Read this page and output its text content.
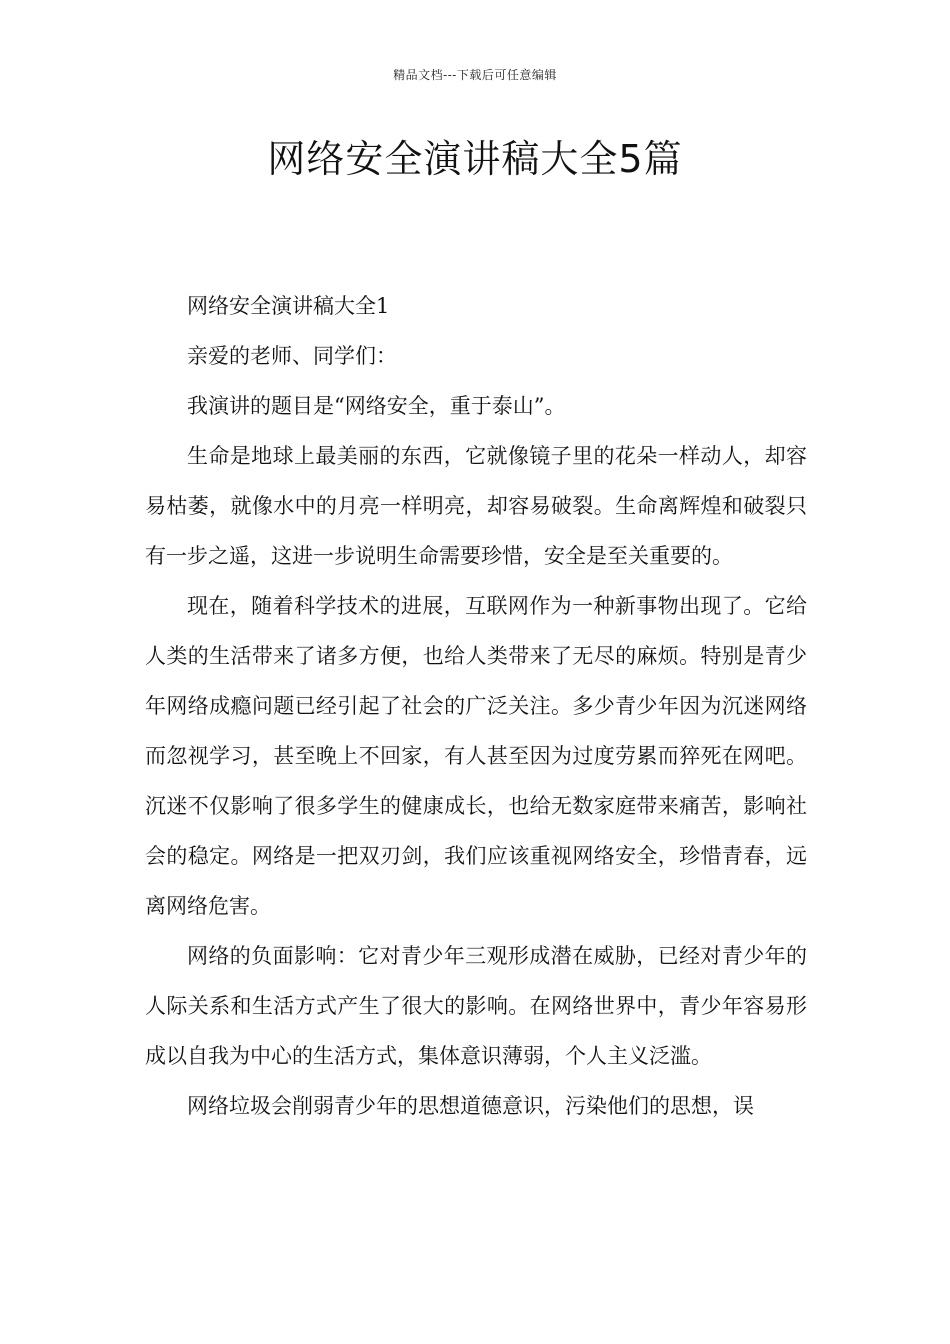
精品文档---下载后可任意编辑
网络安全演讲稿大全5篇

网络安全演讲稿大全1

亲爱的老师、同学们：

我演讲的题目是“网络安全，重于泰山”。

生命是地球上最美丽的东西，它就像镜子里的花朵一样动人，却容易枯萎，就像水中的月亮一样明亮，却容易破裂。生命离辉煌和破裂只有一步之遥，这进一步说明生命需要珍惜，安全是至关重要的。

现在，随着科学技术的进展，互联网作为一种新事物出现了。它给人类的生活带来了诸多方便，也给人类带来了无尽的麻烦。特别是青少年网络成瘾问题已经引起了社会的广泛关注。多少青少年因为沉迷网络而忽视学习，甚至晚上不回家，有人甚至因为过度劳累而猝死在网吧。沉迷不仅影响了很多学生的健康成长，也给无数家庭带来痛苦，影响社会的稳定。网络是一把双刃剑，我们应该重视网络安全，珍惜青春，远离网络危害。

网络的负面影响：它对青少年三观形成潜在威胁，已经对青少年的人际关系和生活方式产生了很大的影响。在网络世界中，青少年容易形成以自我为中心的生活方式，集体意识薄弱，个人主义泛滥。

网络垃圾会削弱青少年的思想道德意识，污染他们的思想，误
